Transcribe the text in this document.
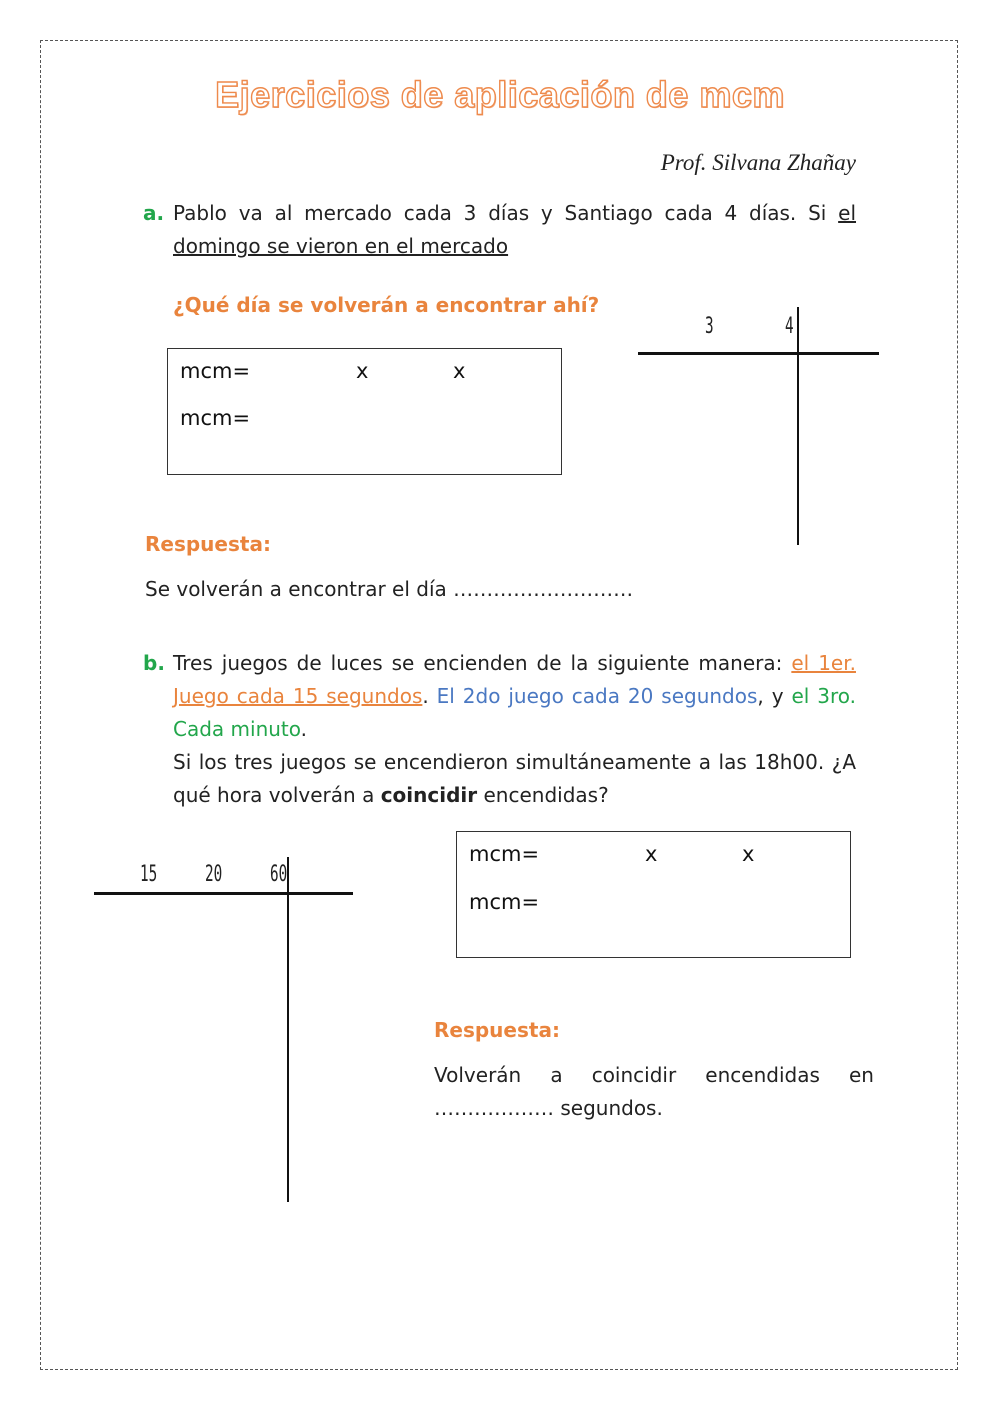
Ejercicios de aplicación de mcm
Prof. Silvana Zhañay
a. Pablo va al mercado cada 3 días y Santiago cada 4 días. Si el domingo se vieron en el mercado
¿Qué día se volverán a encontrar ahí?
mcm=	x	x
mcm=
3	4
Respuesta:
Se volverán a encontrar el día ………………………
b. Tres juegos de luces se encienden de la siguiente manera: el 1er. Juego cada 15 segundos. El 2do juego cada 20 segundos, y el 3ro. Cada minuto.
Si los tres juegos se encendieron simultáneamente a las 18h00. ¿A qué hora volverán a coincidir encendidas?
15 20 60
mcm=	x	x
mcm=
Respuesta:
Volverán a coincidir encendidas en ……………… segundos.
